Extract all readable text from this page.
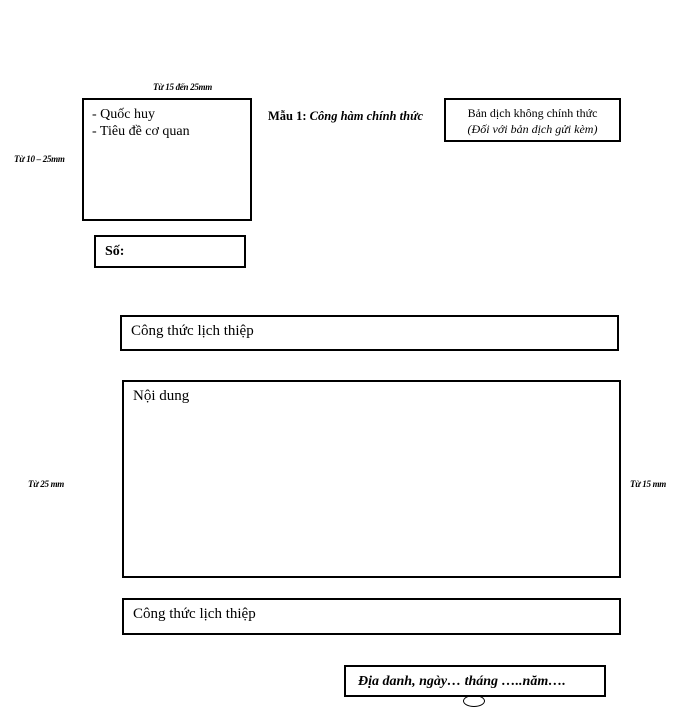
Từ 15 đến 25mm
Từ 10 – 25mm
Từ 25 mm	Từ 15 mm
- Quốc huy
- Tiêu đề cơ quan
Số:
Mẫu 1: Công hàm chính thức	Bản dịch không chính thức
(Đối với bản dịch gửi kèm)
Công thức lịch thiệp
Nội dung
Công thức lịch thiệp
Địa danh, ngày… tháng …..năm….
